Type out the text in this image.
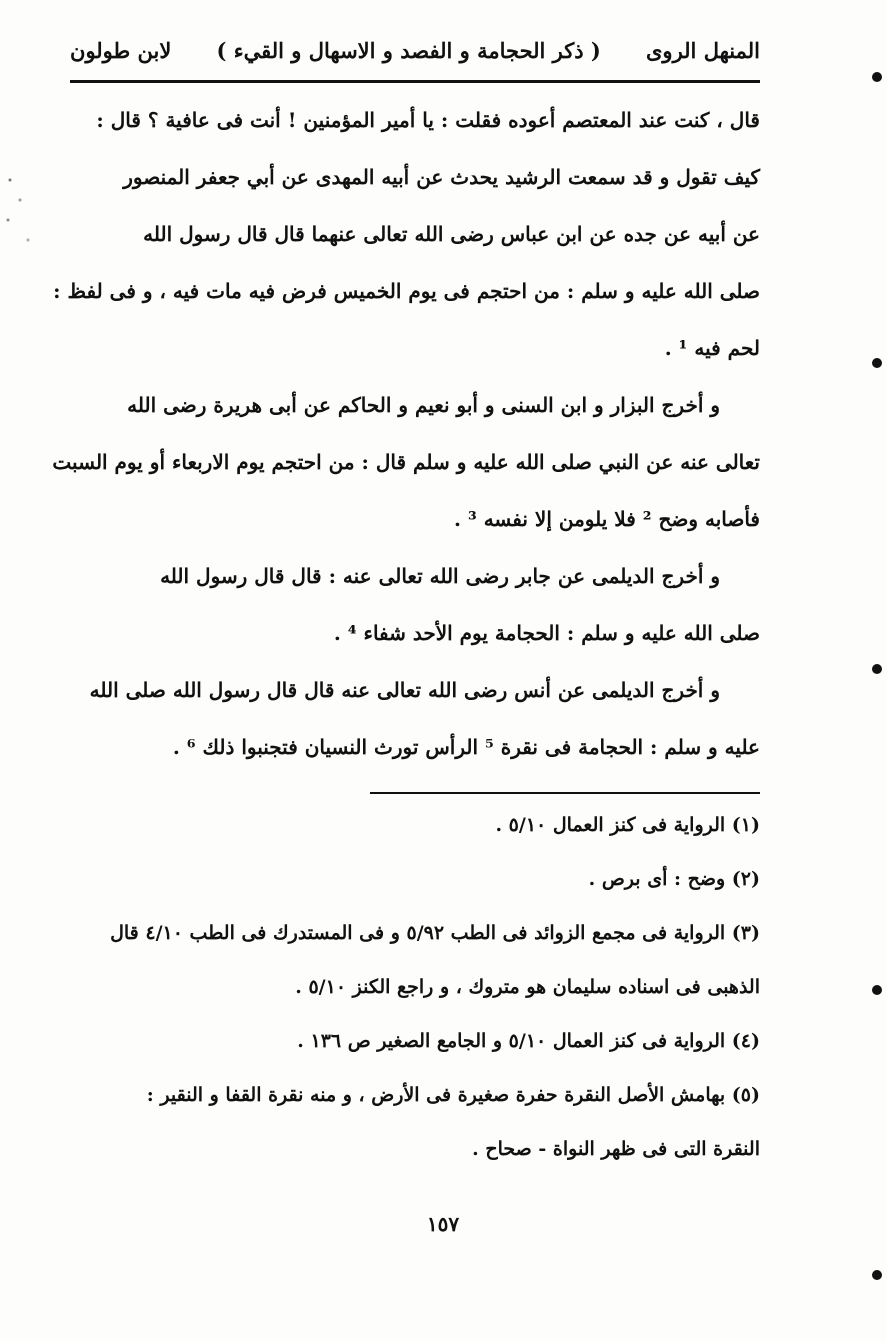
المنهل الروى
( ذكر الحجامة و الفصد و الاسهال و القيء )
لابن طولون
قال ، كنت عند المعتصم أعوده فقلت : يا أمير المؤمنين ! أنت فى عافية ؟ قال :
كيف تقول و قد سمعت الرشيد يحدث عن أبيه المهدى عن أبي جعفر المنصور
عن أبيه عن جده عن ابن عباس رضى الله تعالى عنهما قال قال رسول الله
صلى الله عليه و سلم : من احتجم فى يوم الخميس فرض فيه مات فيه ، و فى لفظ :
لحم فيه ¹ .
و أخرج البزار و ابن السنى و أبو نعيم و الحاكم عن أبى هريرة رضى الله
تعالى عنه عن النبي صلى الله عليه و سلم قال : من احتجم يوم الاربعاء أو يوم السبت
فأصابه وضح ² فلا يلومن إلا نفسه ³ .
و أخرج الديلمى عن جابر رضى الله تعالى عنه : قال قال رسول الله
صلى الله عليه و سلم : الحجامة يوم الأحد شفاء ⁴ .
و أخرج الديلمى عن أنس رضى الله تعالى عنه قال قال رسول الله صلى الله
عليه و سلم : الحجامة فى نقرة ⁵ الرأس تورث النسيان فتجنبوا ذلك ⁶ .
(١) الرواية فى كنز العمال ٥/١٠ .
(٢) وضح : أى برص .
(٣) الرواية فى مجمع الزوائد فى الطب ٥/٩٢ و فى المستدرك فى الطب ٤/١٠ قال
الذهبى فى اسناده سليمان هو متروك ، و راجع الكنز ٥/١٠ .
(٤) الرواية فى كنز العمال ٥/١٠ و الجامع الصغير ص ١٣٦ .
(٥) بهامش الأصل النقرة حفرة صغيرة فى الأرض ، و منه نقرة القفا و النقير :
النقرة التى فى ظهر النواة - صحاح .
١٥٧
